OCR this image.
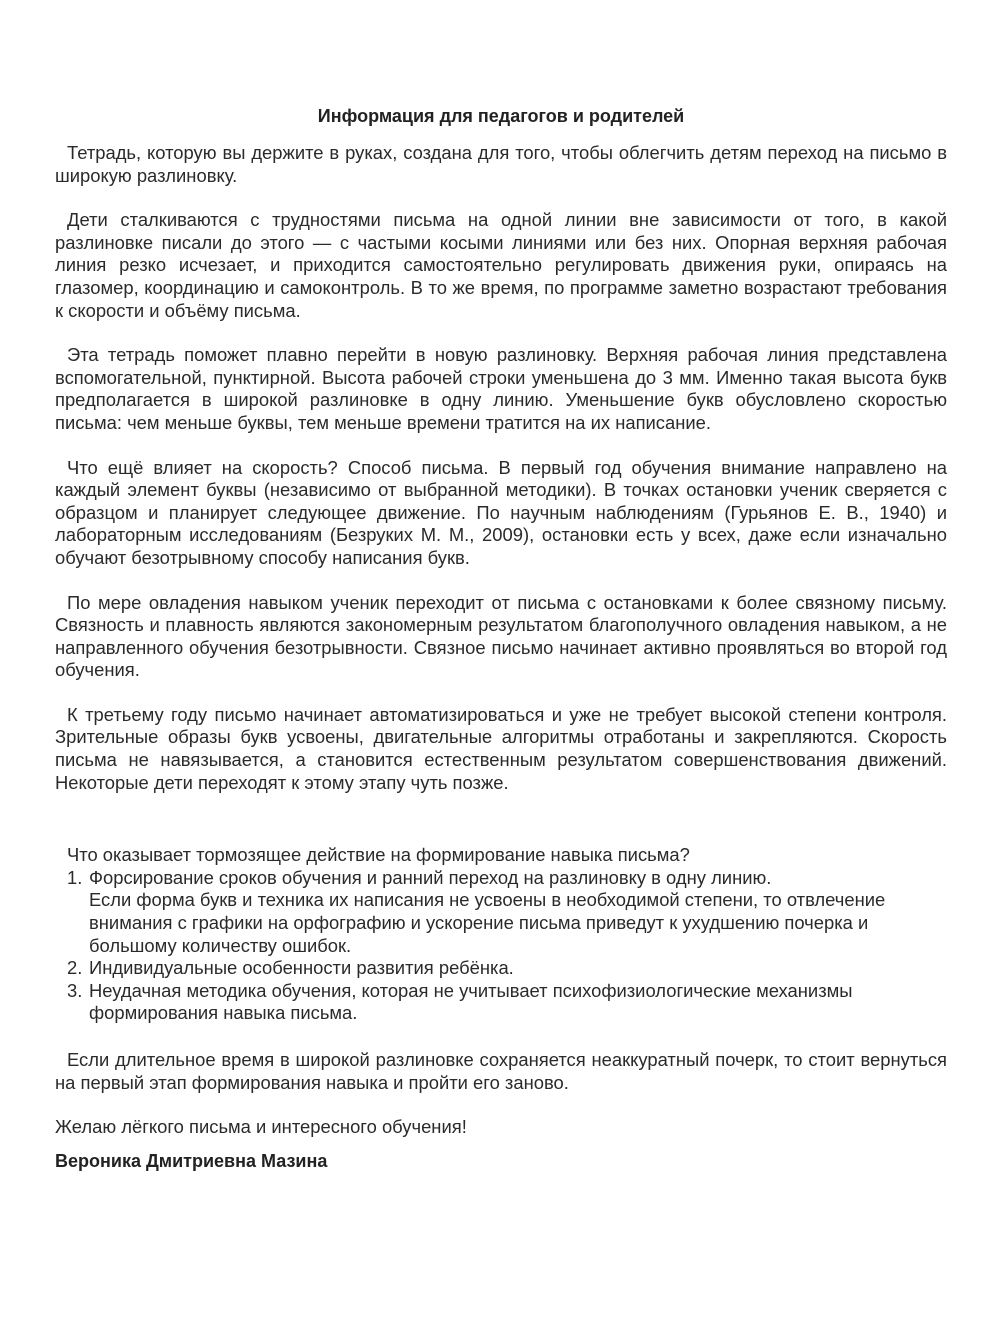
Информация для педагогов и родителей

Тетрадь, которую вы держите в руках, создана для того, чтобы облегчить детям переход на письмо в широкую разлиновку.

Дети сталкиваются с трудностями письма на одной линии вне зависимости от того, в какой разлиновке писали до этого — с частыми косыми линиями или без них. Опорная верхняя рабочая линия резко исчезает, и приходится самостоятельно регулировать движения руки, опираясь на глазомер, координацию и самоконтроль. В то же время, по программе заметно возрастают требования к скорости и объёму письма.

Эта тетрадь поможет плавно перейти в новую разлиновку. Верхняя рабочая линия представлена вспомогательной, пунктирной. Высота рабочей строки уменьшена до 3 мм. Именно такая высота букв предполагается в широкой разлиновке в одну линию. Уменьшение букв обусловлено скоростью письма: чем меньше буквы, тем меньше времени тратится на их написание.

Что ещё влияет на скорость? Способ письма. В первый год обучения внимание направлено на каждый элемент буквы (независимо от выбранной методики). В точках остановки ученик сверяется с образцом и планирует следующее движение. По научным наблюдениям (Гурьянов Е. В., 1940) и лабораторным исследованиям (Безруких М. М., 2009), остановки есть у всех, даже если изначально обучают безотрывному способу написания букв.

По мере овладения навыком ученик переходит от письма с остановками к более связному письму. Связность и плавность являются закономерным результатом благополучного овладения навыком, а не направленного обучения безотрывности. Связное письмо начинает активно проявляться во второй год обучения.

К третьему году письмо начинает автоматизироваться и уже не требует высокой степени контроля. Зрительные образы букв усвоены, двигательные алгоритмы отработаны и закрепляются. Скорость письма не навязывается, а становится естественным результатом совершенствования движений. Некоторые дети переходят к этому этапу чуть позже.

Что оказывает тормозящее действие на формирование навыка письма?

1. Форсирование сроков обучения и ранний переход на разлиновку в одну линию.
Если форма букв и техника их написания не усвоены в необходимой степени, то отвлечение внимания с графики на орфографию и ускорение письма приведут к ухудшению почерка и большому количеству ошибок.
2. Индивидуальные особенности развития ребёнка.
3. Неудачная методика обучения, которая не учитывает психофизиологические механизмы формирования навыка письма.

Если длительное время в широкой разлиновке сохраняется неаккуратный почерк, то стоит вернуться на первый этап формирования навыка и пройти его заново.

Желаю лёгкого письма и интересного обучения!

Вероника Дмитриевна Мазина
